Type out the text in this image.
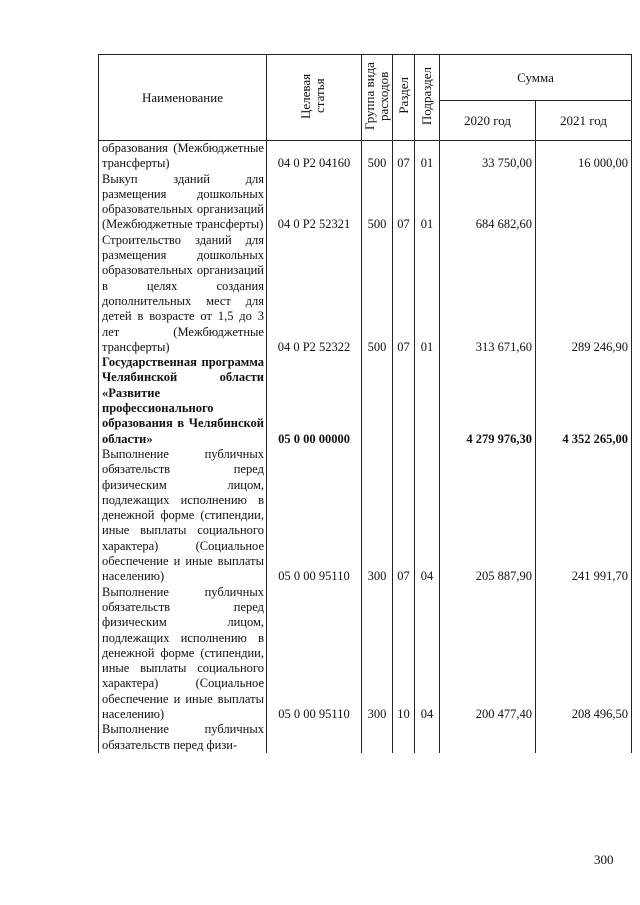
Наименование	Целевая статья	Группа вида расходов	Раздел	Подраздел	Сумма	
					2020 год	2021 год
образования (Межбюджетные трансферты)	04 0 P2 04160	500	07	01	33 750,00	16 000,00
Выкуп зданий для размещения дошкольных образовательных организаций (Межбюджетные трансферты)	04 0 P2 52321	500	07	01	684 682,60	
Строительство зданий для размещения дошкольных образовательных организаций в целях создания дополнительных мест для детей в возрасте от 1,5 до 3 лет (Межбюджетные трансферты)	04 0 P2 52322	500	07	01	313 671,60	289 246,90
Государственная программа Челябинской области «Развитие профессионального образования в Челябинской области»	05 0 00 00000				4 279 976,30	4 352 265,00
Выполнение публичных обязательств перед физическим лицом, подлежащих исполнению в денежной форме (стипендии, иные выплаты социального характера) (Социальное обеспечение и иные выплаты населению)	05 0 00 95110	300	07	04	205 887,90	241 991,70
Выполнение публичных обязательств перед физическим лицом, подлежащих исполнению в денежной форме (стипендии, иные выплаты социального характера) (Социальное обеспечение и иные выплаты населению)	05 0 00 95110	300	10	04	200 477,40	208 496,50
Выполнение публичных обязательств перед физи-						
300
